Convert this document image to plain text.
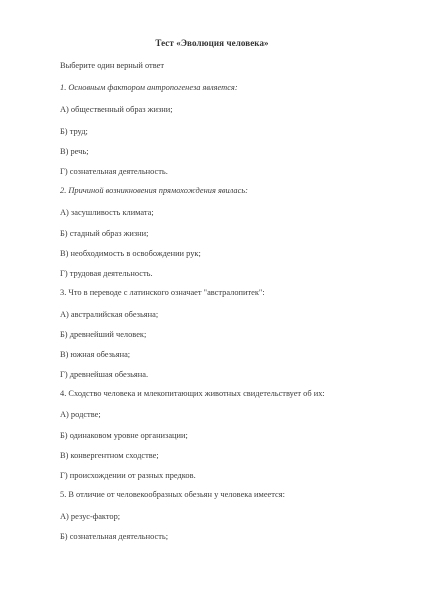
Тест «Эволюция человека»
Выберите один верный ответ
1. Основным фактором антропогенеза является:
А) общественный образ жизни;
Б) труд;
В) речь;
Г) сознательная деятельность.
2. Причиной возникновения прямохождения явилась:
А) засушливость климата;
Б) стадный образ жизни;
В) необходимость в освобождении рук;
Г) трудовая деятельность.
3. Что в переводе с латинского означает "австралопитек":
А) австралийская обезьяна;
Б) древнейший человек;
В) южная обезьяна;
Г) древнейшая обезьяна.
4. Сходство человека и млекопитающих животных свидетельствует об их:
А) родстве;
Б) одинаковом уровне организации;
В) конвергентном сходстве;
Г) происхождении от разных предков.
5. В отличие от человекообразных обезьян у человека имеется:
А) резус-фактор;
Б) сознательная деятельность;
